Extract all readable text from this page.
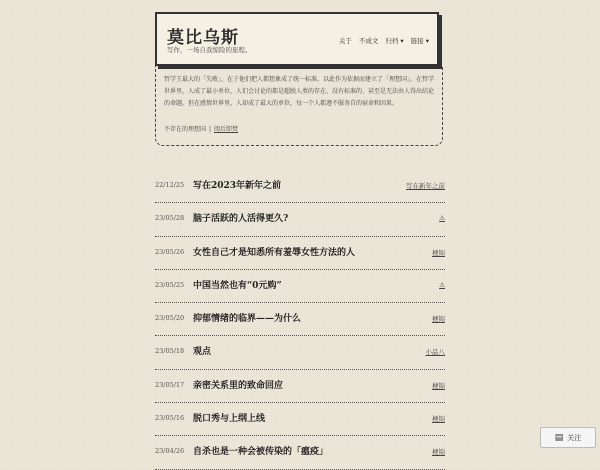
莫比乌斯
写作，一场自我惊险的旅程。
关于 不成文 归档 ▾ 链接 ▾
哲学王最大的「失败」，在于他们把人都想象成了统一标准，以此作为依据而建立了「理想国」。在哲学世界里，人成了最小单位，人们会讨论的都是超脱人类的存在、没有标准的、甚至是无法由人得出结论的命题。但在感情世界里，人却成了最大的单位，每一个人都遵不服务自的宿命和因果。
不存在的理想国 | 阅后即焚
22/12/25 写在2023年新年之前	写在新年之前
23/05/28 脑子活跃的人活得更久?	⚠
23/05/26 女性自己才是知悉所有羞辱女性方法的人	梗锦
23/05/25 中国当然也有“0元购”	⚠
23/05/20 抑郁情绪的临界——为什么	梗锦
23/05/18 观点	小品八
23/05/17 亲密关系里的致命回应	梗锦
23/05/16 脱口秀与上纲上线	梗锦
23/04/26 自杀也是一种会被传染的「瘟疫」	梗锦
▤ 关注
